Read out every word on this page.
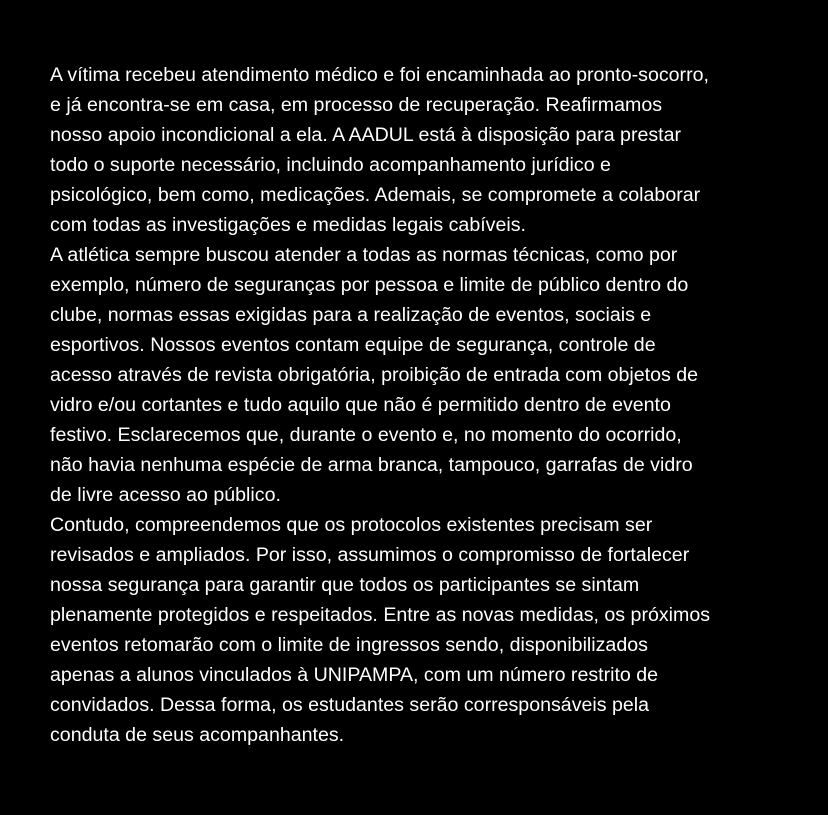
A vítima recebeu atendimento médico e foi encaminhada ao pronto-socorro,
e já encontra-se em casa, em processo de recuperação. Reafirmamos
nosso apoio incondicional a ela. A AADUL está à disposição para prestar
todo o suporte necessário, incluindo acompanhamento jurídico e
psicológico, bem como, medicações. Ademais, se compromete a colaborar
com todas as investigações e medidas legais cabíveis.
A atlética sempre buscou atender a todas as normas técnicas, como por
exemplo, número de seguranças por pessoa e limite de público dentro do
clube, normas essas exigidas para a realização de eventos, sociais e
esportivos. Nossos eventos contam equipe de segurança, controle de
acesso através de revista obrigatória, proibição de entrada com objetos de
vidro e/ou cortantes e tudo aquilo que não é permitido dentro de evento
festivo. Esclarecemos que, durante o evento e, no momento do ocorrido,
não havia nenhuma espécie de arma branca, tampouco, garrafas de vidro
de livre acesso ao público.
Contudo, compreendemos que os protocolos existentes precisam ser
revisados e ampliados. Por isso, assumimos o compromisso de fortalecer
nossa segurança para garantir que todos os participantes se sintam
plenamente protegidos e respeitados. Entre as novas medidas, os próximos
eventos retomarão com o limite de ingressos sendo, disponibilizados
apenas a alunos vinculados à UNIPAMPA, com um número restrito de
convidados. Dessa forma, os estudantes serão corresponsáveis pela
conduta de seus acompanhantes.
